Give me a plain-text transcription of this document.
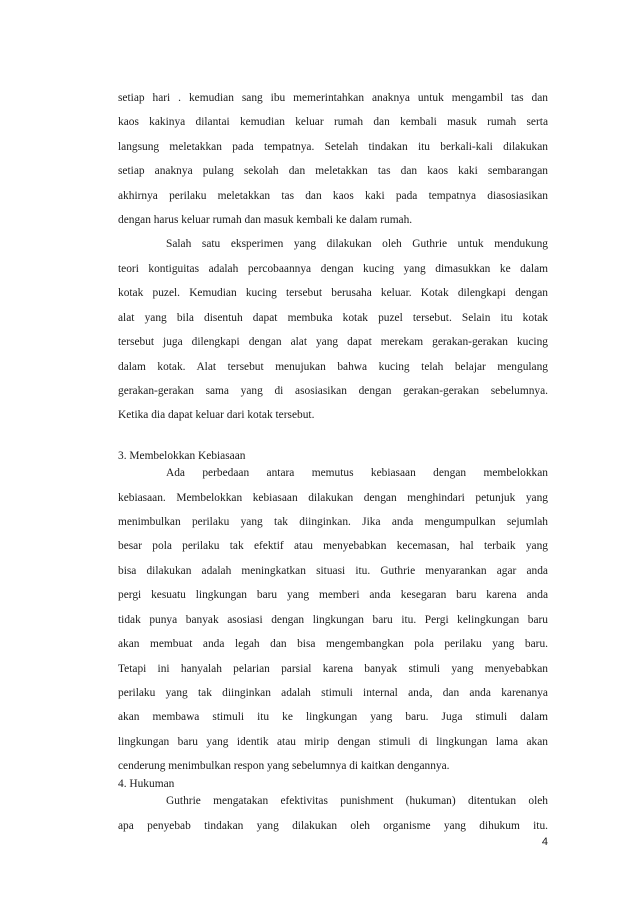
setiap hari . kemudian sang ibu memerintahkan anaknya untuk mengambil tas dan
kaos kakinya dilantai kemudian keluar rumah dan kembali masuk rumah serta
langsung meletakkan pada tempatnya. Setelah tindakan itu berkali-kali dilakukan
setiap anaknya pulang sekolah dan meletakkan tas dan kaos kaki sembarangan
akhirnya perilaku meletakkan tas dan kaos kaki pada tempatnya diasosiasikan
dengan harus keluar rumah dan masuk kembali ke dalam rumah.
Salah satu eksperimen yang dilakukan oleh Guthrie untuk mendukung
teori kontiguitas adalah percobaannya dengan kucing yang dimasukkan ke dalam
kotak puzel. Kemudian kucing tersebut berusaha keluar. Kotak dilengkapi dengan
alat yang bila disentuh dapat membuka kotak puzel tersebut. Selain itu kotak
tersebut juga dilengkapi dengan alat yang dapat merekam gerakan-gerakan kucing
dalam kotak. Alat tersebut menujukan bahwa kucing telah belajar mengulang
gerakan-gerakan sama yang di asosiasikan dengan gerakan-gerakan sebelumnya.
Ketika dia dapat keluar dari kotak tersebut.
3. Membelokkan Kebiasaan
Ada perbedaan antara memutus kebiasaan dengan membelokkan
kebiasaan. Membelokkan kebiasaan dilakukan dengan menghindari petunjuk yang
menimbulkan perilaku yang tak diinginkan. Jika anda mengumpulkan sejumlah
besar pola perilaku tak efektif atau menyebabkan kecemasan, hal terbaik yang
bisa dilakukan adalah meningkatkan situasi itu. Guthrie menyarankan agar anda
pergi kesuatu lingkungan baru yang memberi anda kesegaran baru karena anda
tidak punya banyak asosiasi dengan lingkungan baru itu. Pergi kelingkungan baru
akan membuat anda legah dan bisa mengembangkan pola perilaku yang baru.
Tetapi ini hanyalah pelarian parsial karena banyak stimuli yang menyebabkan
perilaku yang tak diinginkan adalah stimuli internal anda, dan anda karenanya
akan membawa stimuli itu ke lingkungan yang baru. Juga stimuli dalam
lingkungan baru yang identik atau mirip dengan stimuli di lingkungan lama akan
cenderung menimbulkan respon yang sebelumnya di kaitkan dengannya.
4. Hukuman
Guthrie mengatakan efektivitas punishment (hukuman) ditentukan oleh
apa penyebab tindakan yang dilakukan oleh organisme yang dihukum itu.
4
